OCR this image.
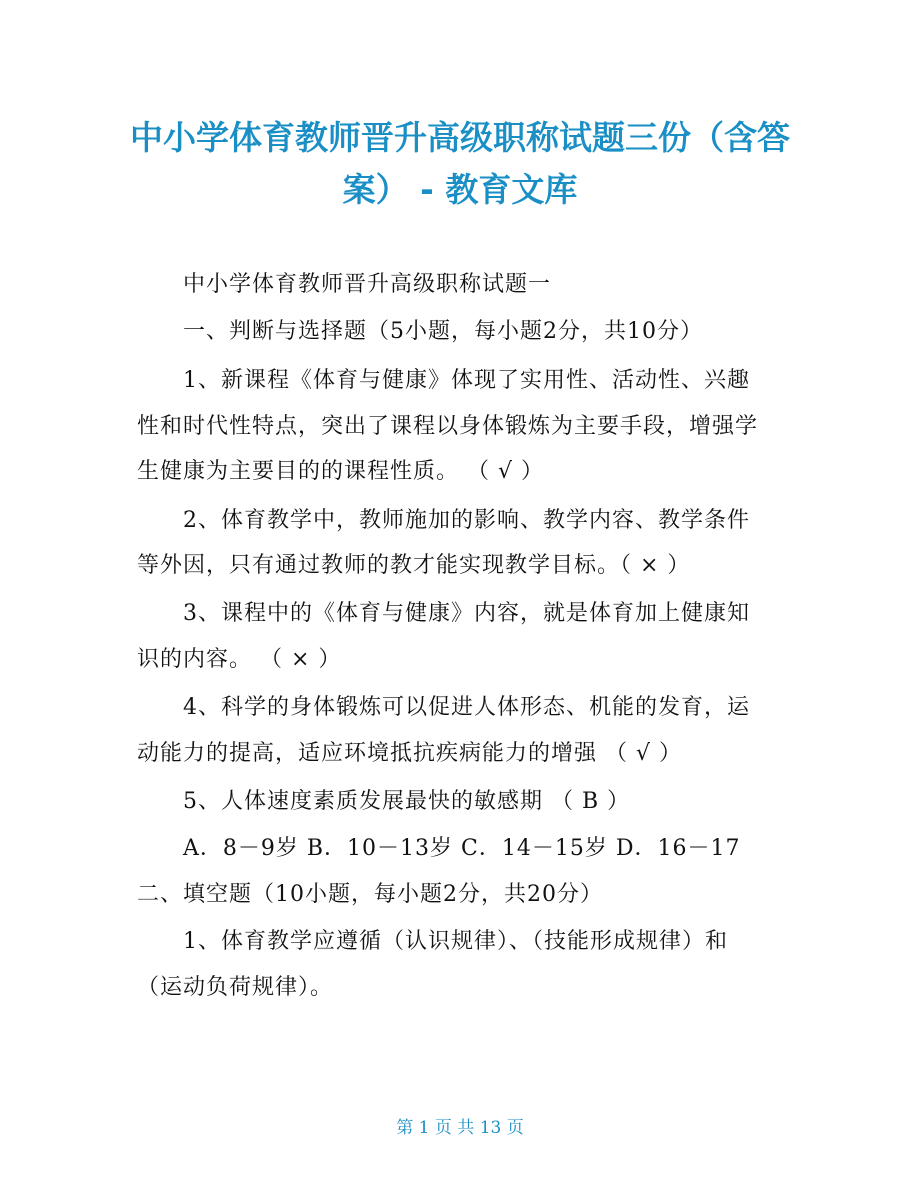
中小学体育教师晋升高级职称试题三份（含答案） - 教育文库
中小学体育教师晋升高级职称试题一
一、判断与选择题（5小题，每小题2分，共10分）
1、新课程《体育与健康》体现了实用性、活动性、兴趣
性和时代性特点，突出了课程以身体锻炼为主要手段，增强学
生健康为主要目的的课程性质。 （ √ ）
2、体育教学中，教师施加的影响、教学内容、教学条件
等外因，只有通过教师的教才能实现教学目标。（ × ）
3、课程中的《体育与健康》内容，就是体育加上健康知
识的内容。 （ × ）
4、科学的身体锻炼可以促进人体形态、机能的发育，运
动能力的提高，适应环境抵抗疾病能力的增强 （ √ ）
5、人体速度素质发展最快的敏感期 （ B ）
A．8－9岁 B．10－13岁 C．14－15岁 D．16－17
二、填空题（10小题，每小题2分，共20分）
1、体育教学应遵循（认识规律）、（技能形成规律）和
（运动负荷规律）。
第 1 页 共 13 页
